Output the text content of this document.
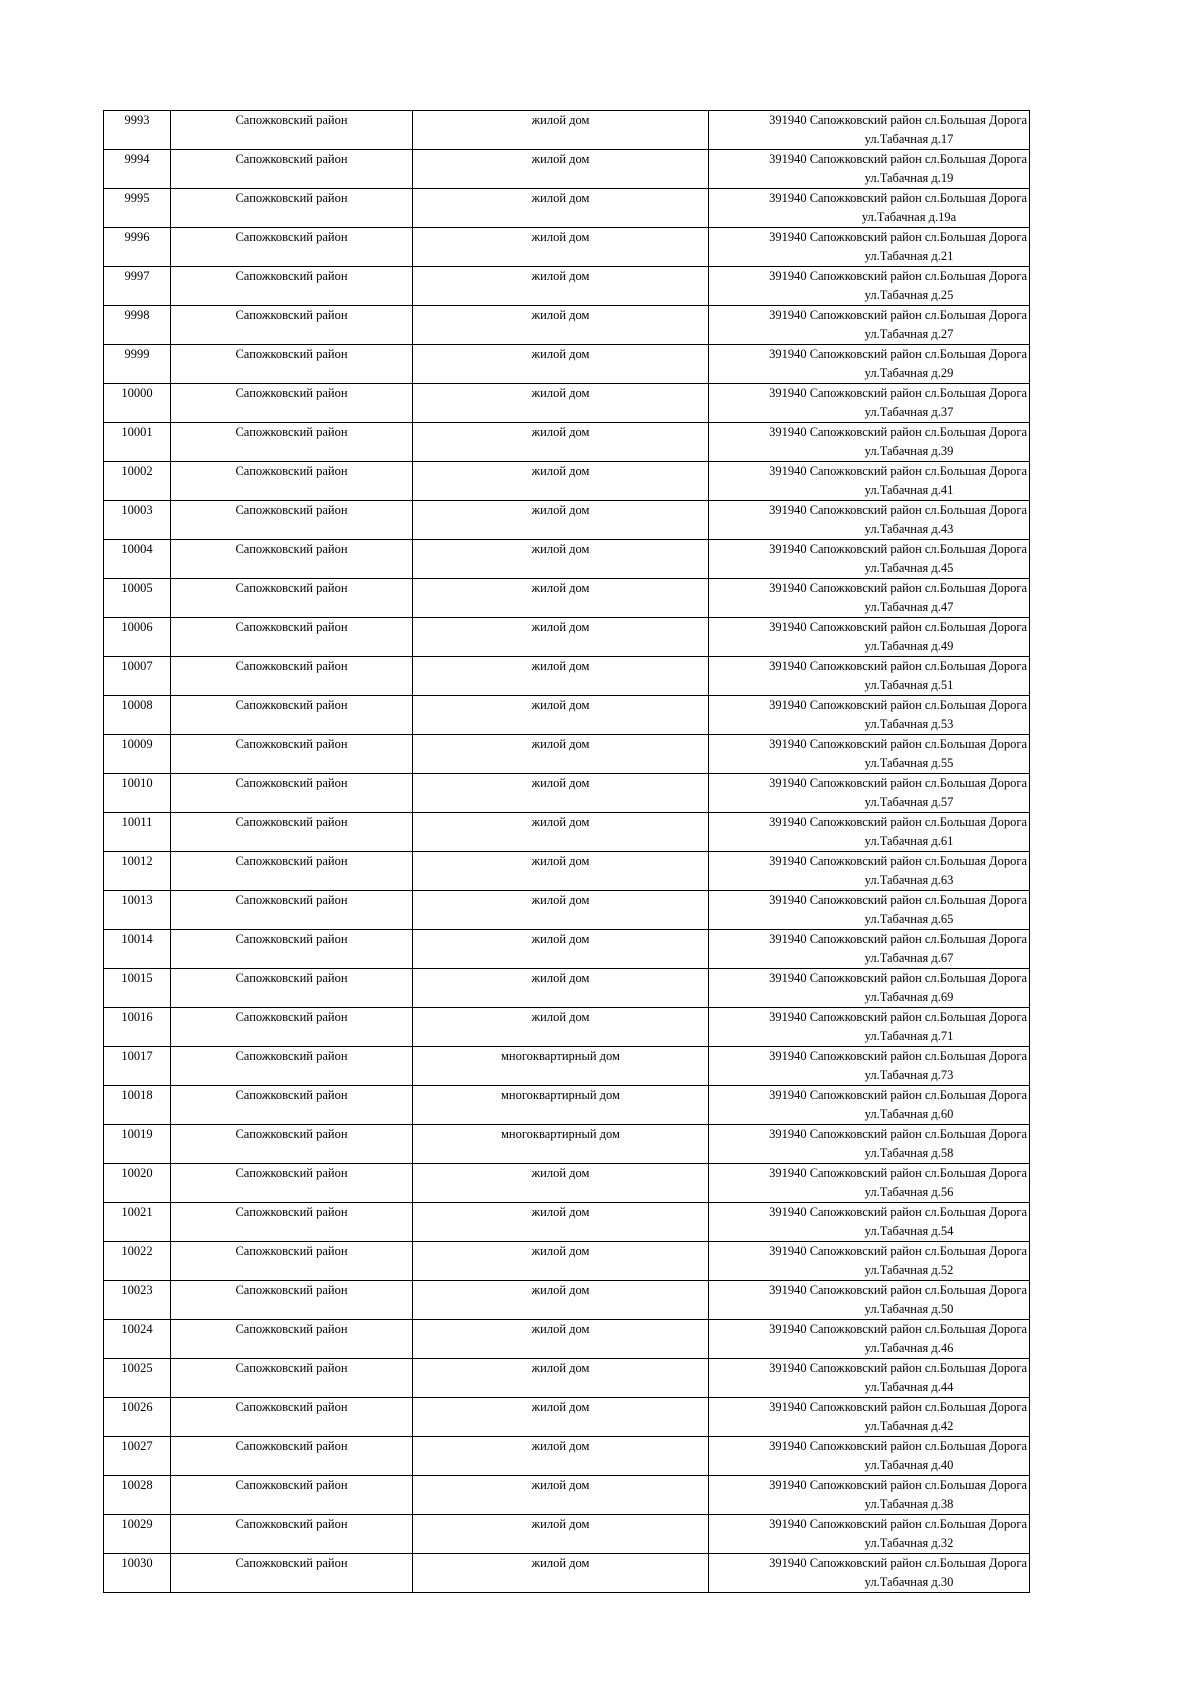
9993	Сапожковский район	жилой дом	391940 Сапожковский район сл.Большая Дорога
ул.Табачная д.17

9994	Сапожковский район	жилой дом	391940 Сапожковский район сл.Большая Дорога
ул.Табачная д.19

9995	Сапожковский район	жилой дом	391940 Сапожковский район сл.Большая Дорога
ул.Табачная д.19а

9996	Сапожковский район	жилой дом	391940 Сапожковский район сл.Большая Дорога
ул.Табачная д.21

9997	Сапожковский район	жилой дом	391940 Сапожковский район сл.Большая Дорога
ул.Табачная д.25

9998	Сапожковский район	жилой дом	391940 Сапожковский район сл.Большая Дорога
ул.Табачная д.27

9999	Сапожковский район	жилой дом	391940 Сапожковский район сл.Большая Дорога
ул.Табачная д.29

10000	Сапожковский район	жилой дом	391940 Сапожковский район сл.Большая Дорога
ул.Табачная д.37

10001	Сапожковский район	жилой дом	391940 Сапожковский район сл.Большая Дорога
ул.Табачная д.39

10002	Сапожковский район	жилой дом	391940 Сапожковский район сл.Большая Дорога
ул.Табачная д.41

10003	Сапожковский район	жилой дом	391940 Сапожковский район сл.Большая Дорога
ул.Табачная д.43

10004	Сапожковский район	жилой дом	391940 Сапожковский район сл.Большая Дорога
ул.Табачная д.45

10005	Сапожковский район	жилой дом	391940 Сапожковский район сл.Большая Дорога
ул.Табачная д.47

10006	Сапожковский район	жилой дом	391940 Сапожковский район сл.Большая Дорога
ул.Табачная д.49

10007	Сапожковский район	жилой дом	391940 Сапожковский район сл.Большая Дорога
ул.Табачная д.51

10008	Сапожковский район	жилой дом	391940 Сапожковский район сл.Большая Дорога
ул.Табачная д.53

10009	Сапожковский район	жилой дом	391940 Сапожковский район сл.Большая Дорога
ул.Табачная д.55

10010	Сапожковский район	жилой дом	391940 Сапожковский район сл.Большая Дорога
ул.Табачная д.57

10011	Сапожковский район	жилой дом	391940 Сапожковский район сл.Большая Дорога
ул.Табачная д.61

10012	Сапожковский район	жилой дом	391940 Сапожковский район сл.Большая Дорога
ул.Табачная д.63

10013	Сапожковский район	жилой дом	391940 Сапожковский район сл.Большая Дорога
ул.Табачная д.65

10014	Сапожковский район	жилой дом	391940 Сапожковский район сл.Большая Дорога
ул.Табачная д.67

10015	Сапожковский район	жилой дом	391940 Сапожковский район сл.Большая Дорога
ул.Табачная д.69

10016	Сапожковский район	жилой дом	391940 Сапожковский район сл.Большая Дорога
ул.Табачная д.71

10017	Сапожковский район	многоквартирный дом	391940 Сапожковский район сл.Большая Дорога
ул.Табачная д.73

10018	Сапожковский район	многоквартирный дом	391940 Сапожковский район сл.Большая Дорога
ул.Табачная д.60

10019	Сапожковский район	многоквартирный дом	391940 Сапожковский район сл.Большая Дорога
ул.Табачная д.58

10020	Сапожковский район	жилой дом	391940 Сапожковский район сл.Большая Дорога
ул.Табачная д.56

10021	Сапожковский район	жилой дом	391940 Сапожковский район сл.Большая Дорога
ул.Табачная д.54

10022	Сапожковский район	жилой дом	391940 Сапожковский район сл.Большая Дорога
ул.Табачная д.52

10023	Сапожковский район	жилой дом	391940 Сапожковский район сл.Большая Дорога
ул.Табачная д.50

10024	Сапожковский район	жилой дом	391940 Сапожковский район сл.Большая Дорога
ул.Табачная д.46

10025	Сапожковский район	жилой дом	391940 Сапожковский район сл.Большая Дорога
ул.Табачная д.44

10026	Сапожковский район	жилой дом	391940 Сапожковский район сл.Большая Дорога
ул.Табачная д.42

10027	Сапожковский район	жилой дом	391940 Сапожковский район сл.Большая Дорога
ул.Табачная д.40

10028	Сапожковский район	жилой дом	391940 Сапожковский район сл.Большая Дорога
ул.Табачная д.38

10029	Сапожковский район	жилой дом	391940 Сапожковский район сл.Большая Дорога
ул.Табачная д.32

10030	Сапожковский район	жилой дом	391940 Сапожковский район сл.Большая Дорога
ул.Табачная д.30
